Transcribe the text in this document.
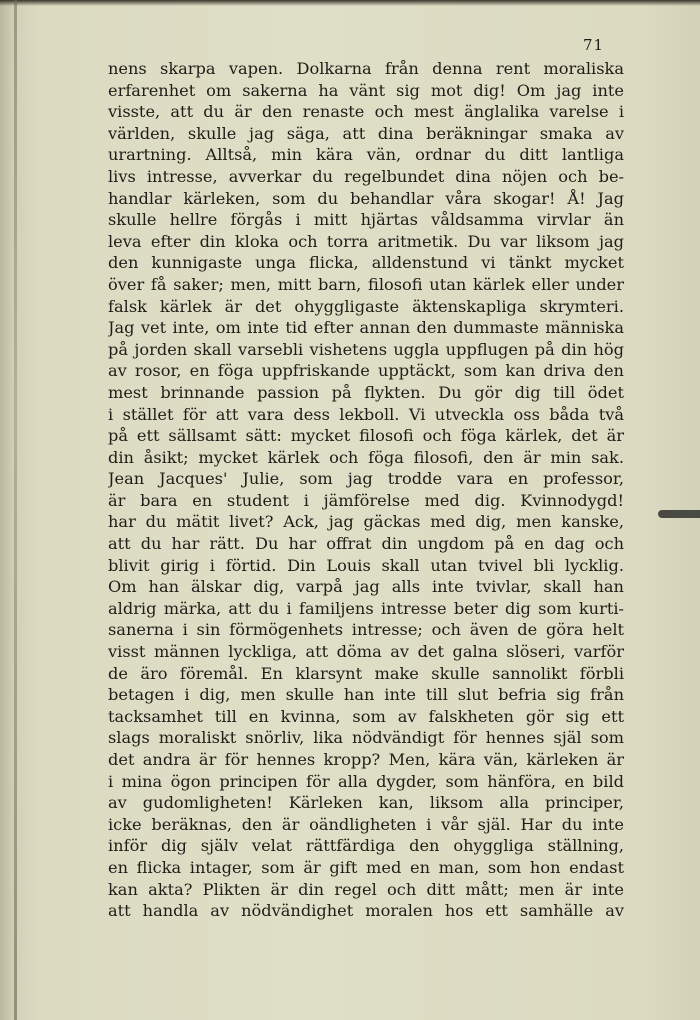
71
nens skarpa vapen. Dolkarna från denna rent moraliska
erfarenhet om sakerna ha vänt sig mot dig! Om jag inte
visste, att du är den renaste och mest änglalika varelse i
världen, skulle jag säga, att dina beräkningar smaka av
urartning. Alltså, min kära vän, ordnar du ditt lantliga
livs intresse, avverkar du regelbundet dina nöjen och be-
handlar kärleken, som du behandlar våra skogar! Å! Jag
skulle hellre förgås i mitt hjärtas våldsamma virvlar än
leva efter din kloka och torra aritmetik. Du var liksom jag
den kunnigaste unga flicka, alldenstund vi tänkt mycket
över få saker; men, mitt barn, filosofi utan kärlek eller under
falsk kärlek är det ohyggligaste äktenskapliga skrymteri.
Jag vet inte, om inte tid efter annan den dummaste människa
på jorden skall varsebli vishetens uggla uppflugen på din hög
av rosor, en föga uppfriskande upptäckt, som kan driva den
mest brinnande passion på flykten. Du gör dig till ödet
i stället för att vara dess lekboll. Vi utveckla oss båda två
på ett sällsamt sätt: mycket filosofi och föga kärlek, det är
din åsikt; mycket kärlek och föga filosofi, den är min sak.
Jean Jacques' Julie, som jag trodde vara en professor,
är bara en student i jämförelse med dig. Kvinnodygd!
har du mätit livet? Ack, jag gäckas med dig, men kanske,
att du har rätt. Du har offrat din ungdom på en dag och
blivit girig i förtid. Din Louis skall utan tvivel bli lycklig.
Om han älskar dig, varpå jag alls inte tvivlar, skall han
aldrig märka, att du i familjens intresse beter dig som kurti-
sanerna i sin förmögenhets intresse; och även de göra helt
visst männen lyckliga, att döma av det galna slöseri, varför
de äro föremål. En klarsynt make skulle sannolikt förbli
betagen i dig, men skulle han inte till slut befria sig från
tacksamhet till en kvinna, som av falskheten gör sig ett
slags moraliskt snörliv, lika nödvändigt för hennes själ som
det andra är för hennes kropp? Men, kära vän, kärleken är
i mina ögon principen för alla dygder, som hänföra, en bild
av gudomligheten! Kärleken kan, liksom alla principer,
icke beräknas, den är oändligheten i vår själ. Har du inte
inför dig själv velat rättfärdiga den ohyggliga ställning,
en flicka intager, som är gift med en man, som hon endast
kan akta? Plikten är din regel och ditt mått; men är inte
att handla av nödvändighet moralen hos ett samhälle av
